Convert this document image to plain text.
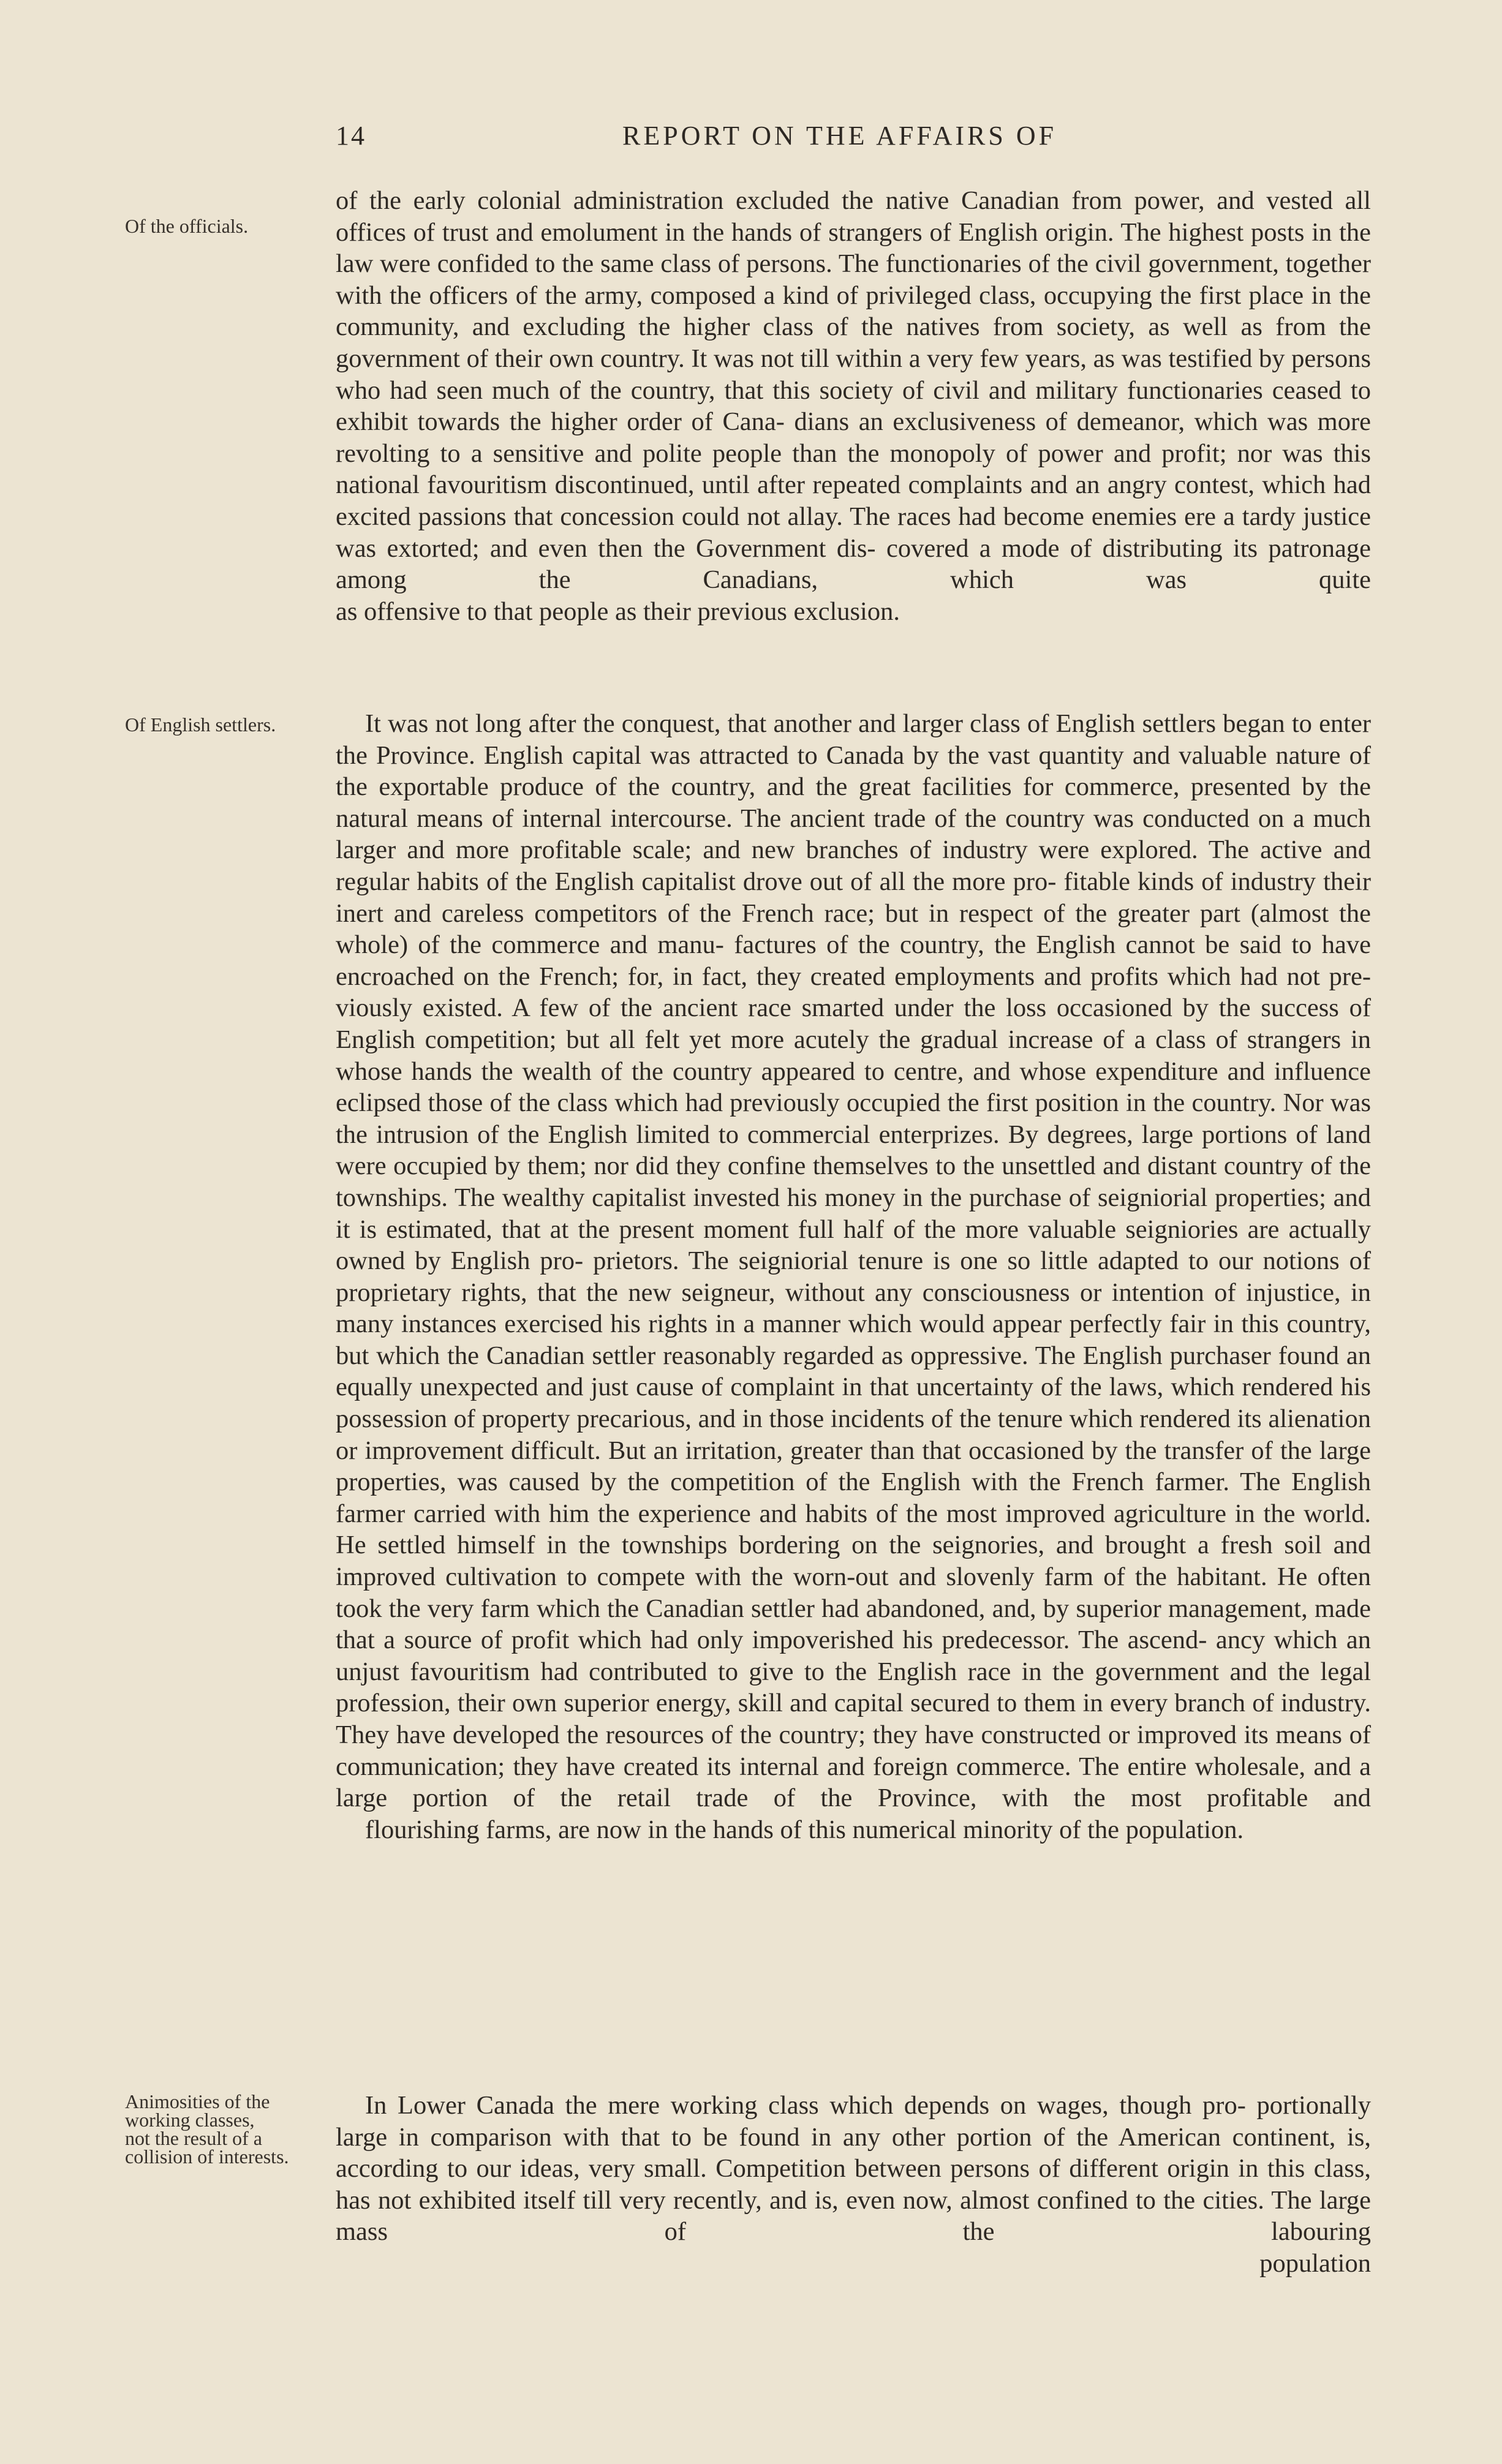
14	REPORT ON THE AFFAIRS OF
Of the officials.
Of English settlers.
Animosities of the
working classes,
not the result of a
collision of interests.

of the early colonial administration excluded the native Canadian from power, and vested all offices of trust and emolument in the hands of strangers of English origin. The highest posts in the law were confided to the same class of persons. The functionaries of the civil government, together with the officers of the army, composed a kind of privileged class, occupying the first place in the community, and excluding the higher class of the natives from society, as well as from the government of their own country. It was not till within a very few years, as was testified by persons who had seen much of the country, that this society of civil and military functionaries ceased to exhibit towards the higher order of Cana- dians an exclusiveness of demeanor, which was more revolting to a sensitive and polite people than the monopoly of power and profit; nor was this national favouritism discontinued, until after repeated complaints and an angry contest, which had excited passions that concession could not allay. The races had become enemies ere a tardy justice was extorted; and even then the Government dis- covered a mode of distributing its patronage among the Canadians, which was quite
as offensive to that people as their previous exclusion.

It was not long after the conquest, that another and larger class of English settlers began to enter the Province. English capital was attracted to Canada by the vast quantity and valuable nature of the exportable produce of the country, and the great facilities for commerce, presented by the natural means of internal intercourse. The ancient trade of the country was conducted on a much larger and more profitable scale; and new branches of industry were explored. The active and regular habits of the English capitalist drove out of all the more pro- fitable kinds of industry their inert and careless competitors of the French race; but in respect of the greater part (almost the whole) of the commerce and manu- factures of the country, the English cannot be said to have encroached on the French; for, in fact, they created employments and profits which had not pre- viously existed. A few of the ancient race smarted under the loss occasioned by the success of English competition; but all felt yet more acutely the gradual increase of a class of strangers in whose hands the wealth of the country appeared to centre, and whose expenditure and influence eclipsed those of the class which had previously occupied the first position in the country. Nor was the intrusion of the English limited to commercial enterprizes. By degrees, large portions of land were occupied by them; nor did they confine themselves to the unsettled and distant country of the townships. The wealthy capitalist invested his money in the purchase of seigniorial properties; and it is estimated, that at the present moment full half of the more valuable seigniories are actually owned by English pro- prietors. The seigniorial tenure is one so little adapted to our notions of proprietary rights, that the new seigneur, without any consciousness or intention of injustice, in many instances exercised his rights in a manner which would appear perfectly fair in this country, but which the Canadian settler reasonably regarded as oppressive. The English purchaser found an equally unexpected and just cause of complaint in that uncertainty of the laws, which rendered his possession of property precarious, and in those incidents of the tenure which rendered its alienation or improvement difficult. But an irritation, greater than that occasioned by the transfer of the large properties, was caused by the competition of the English with the French farmer. The English farmer carried with him the experience and habits of the most improved agriculture in the world. He settled himself in the townships bordering on the seignories, and brought a fresh soil and improved cultivation to compete with the worn-out and slovenly farm of the habitant. He often took the very farm which the Canadian settler had abandoned, and, by superior management, made that a source of profit which had only impoverished his predecessor. The ascend- ancy which an unjust favouritism had contributed to give to the English race in the government and the legal profession, their own superior energy, skill and capital secured to them in every branch of industry. They have developed the resources of the country; they have constructed or improved its means of communication; they have created its internal and foreign commerce. The entire wholesale, and a large portion of the retail trade of the Province, with the most profitable and
flourishing farms, are now in the hands of this numerical minority of the population.

In Lower Canada the mere working class which depends on wages, though pro- portionally large in comparison with that to be found in any other portion of the American continent, is, according to our ideas, very small. Competition between persons of different origin in this class, has not exhibited itself till very recently, and is, even now, almost confined to the cities. The large mass of the labouring

population
